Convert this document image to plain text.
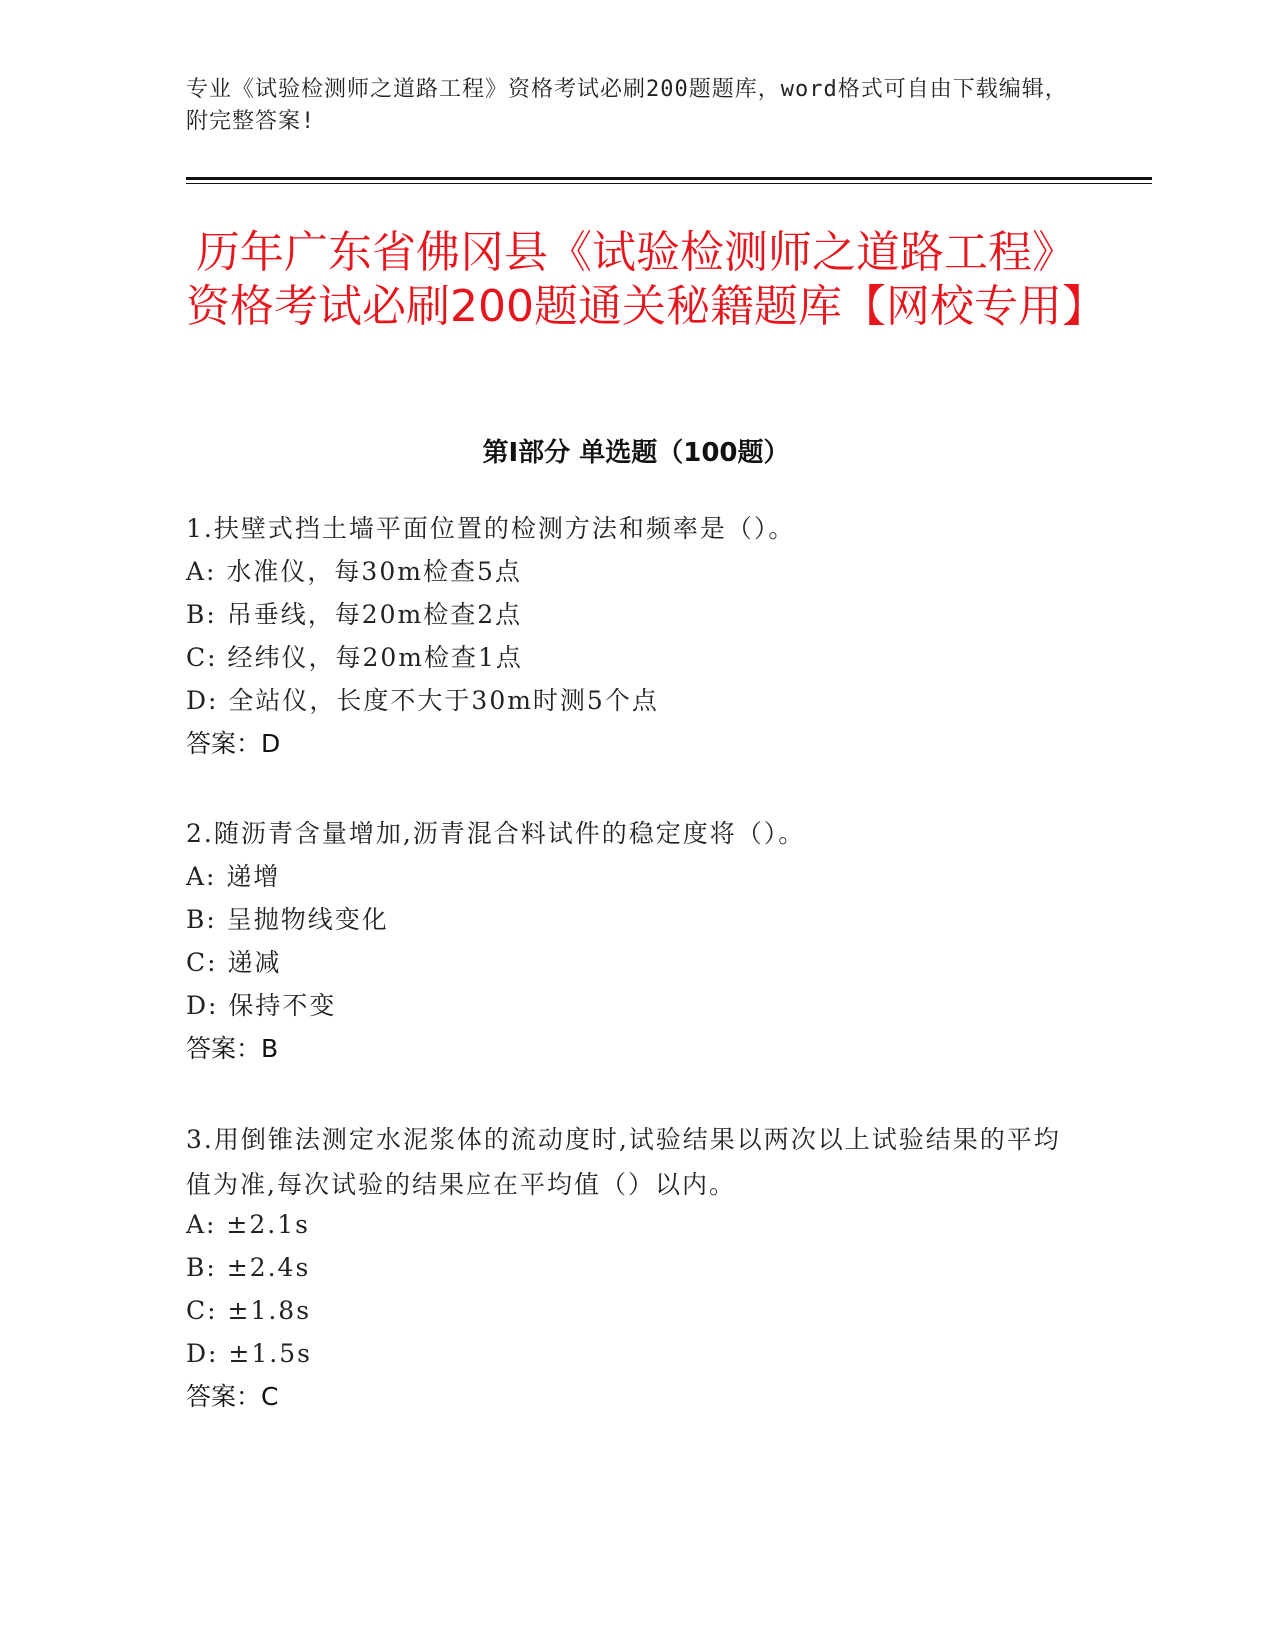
专业《试验检测师之道路工程》资格考试必刷200题题库，word格式可自由下载编辑，附完整答案!
历年广东省佛冈县《试验检测师之道路工程》资格考试必刷200题通关秘籍题库【网校专用】
第I部分 单选题（100题）
1.扶壁式挡土墙平面位置的检测方法和频率是（）。
A: 水准仪，每30m检查5点
B: 吊垂线，每20m检查2点
C: 经纬仪，每20m检查1点
D: 全站仪，长度不大于30m时测5个点
答案：D
2.随沥青含量增加,沥青混合料试件的稳定度将（）。
A: 递增
B: 呈抛物线变化
C: 递减
D: 保持不变
答案：B
3.用倒锥法测定水泥浆体的流动度时,试验结果以两次以上试验结果的平均值为准,每次试验的结果应在平均值（）以内。
A: ±2.1s
B: ±2.4s
C: ±1.8s
D: ±1.5s
答案：C
